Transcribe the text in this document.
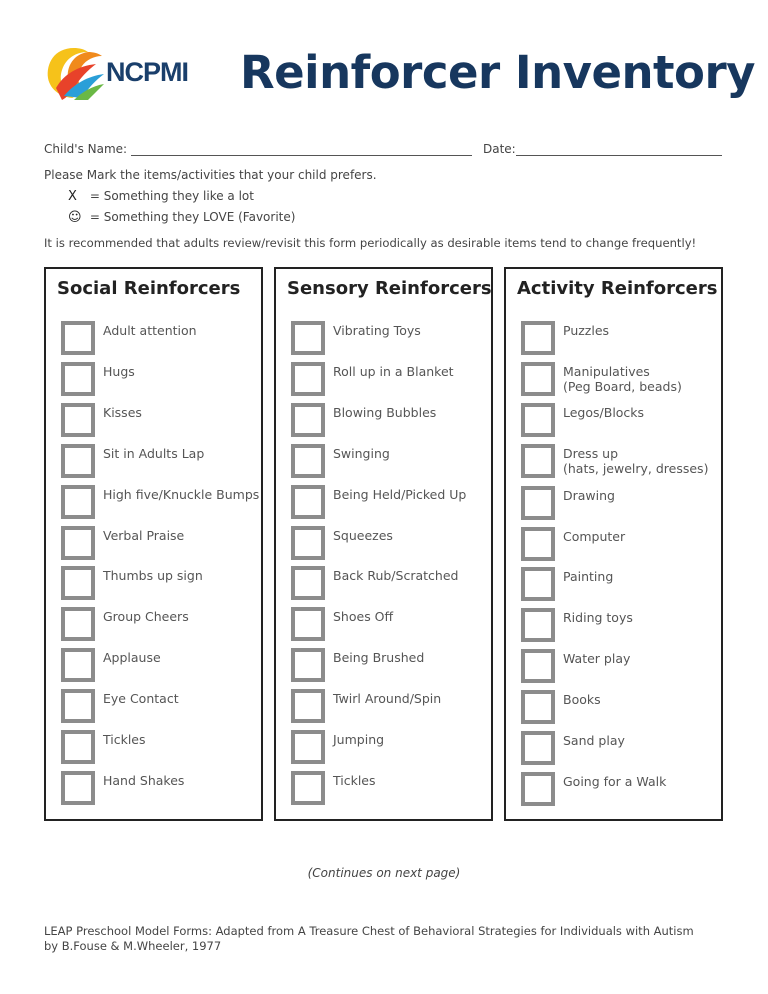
NCPMI Reinforcer Inventory
Child's Name:	Date:
Please Mark the items/activities that your child prefers.
X = Something they like a lot
☺ = Something they LOVE (Favorite)
It is recommended that adults review/revisit this form periodically as desirable items tend to change frequently!
Social Reinforcers
Adult attention
Hugs
Kisses
Sit in Adults Lap
High five/Knuckle Bumps
Verbal Praise
Thumbs up sign
Group Cheers
Applause
Eye Contact
Tickles
Hand Shakes
Sensory Reinforcers
Vibrating Toys
Roll up in a Blanket
Blowing Bubbles
Swinging
Being Held/Picked Up
Squeezes
Back Rub/Scratched
Shoes Off
Being Brushed
Twirl Around/Spin
Jumping
Tickles
Activity Reinforcers
Puzzles
Manipulatives
(Peg Board, beads)
Legos/Blocks
Dress up
(hats, jewelry, dresses)
Drawing
Computer
Painting
Riding toys
Water play
Books
Sand play
Going for a Walk
(Continues on next page)
LEAP Preschool Model Forms: Adapted from A Treasure Chest of Behavioral Strategies for Individuals with Autism by B.Fouse & M.Wheeler, 1977
